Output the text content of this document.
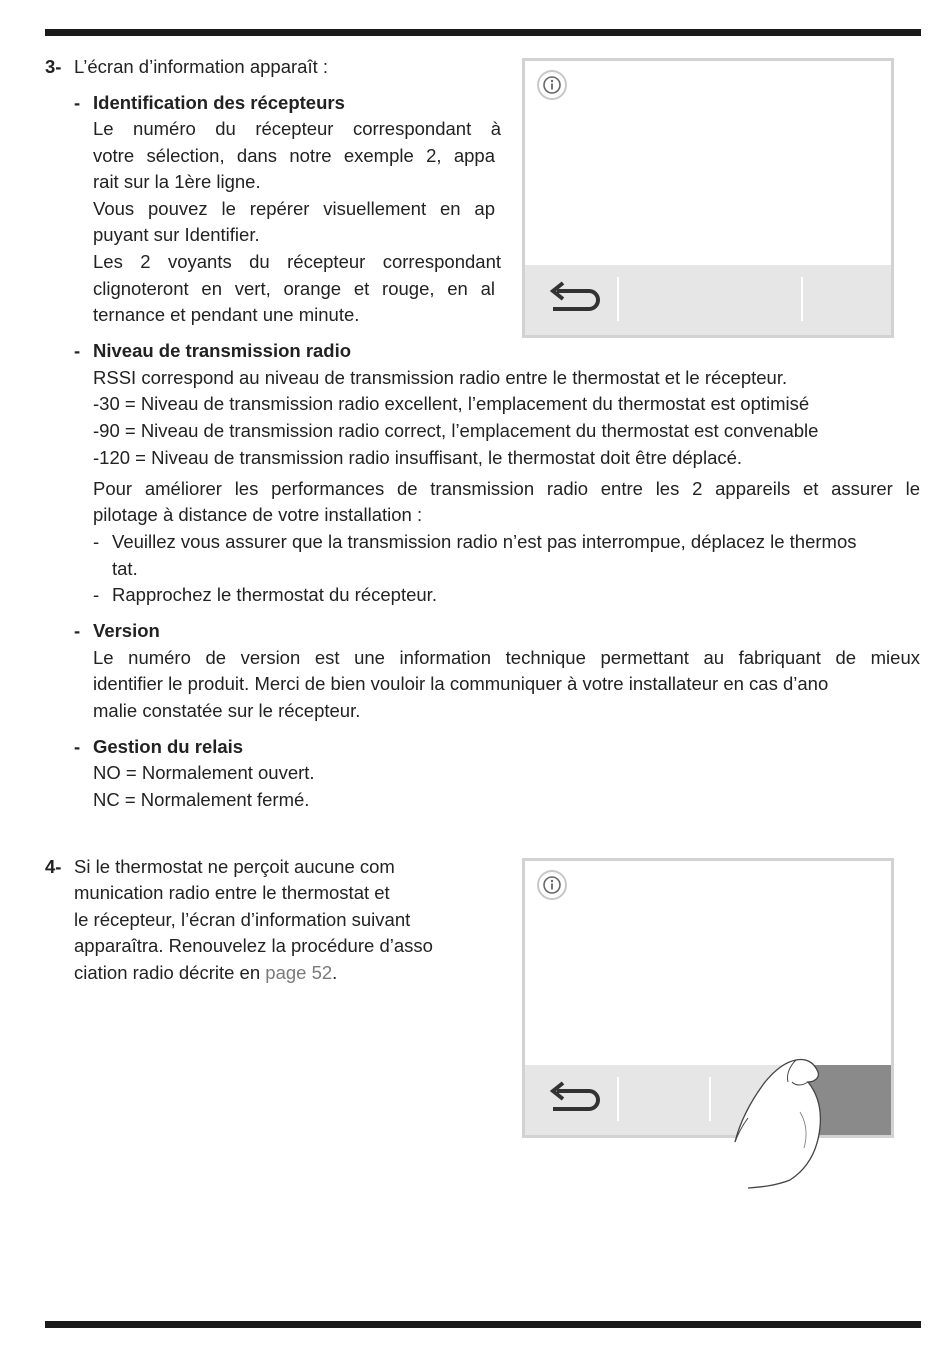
3- L’écran d’information apparaît :
- Identification des récepteurs
Le numéro du récepteur correspondant à
votre sélection, dans notre exemple 2, appa
rait sur la 1ère ligne.
Vous pouvez le repérer visuellement en ap
puyant sur Identifier.
Les 2 voyants du récepteur correspondant
clignoteront en vert, orange et rouge, en al
ternance et pendant une minute.
- Niveau de transmission radio
RSSI correspond au niveau de transmission radio entre le thermostat et le récepteur.
-30 = Niveau de transmission radio excellent, l’emplacement du thermostat est optimisé
-90 = Niveau de transmission radio correct, l’emplacement du thermostat est convenable
-120 = Niveau de transmission radio insuffisant, le thermostat doit être déplacé.
Pour améliorer les performances de transmission radio entre les 2 appareils et assurer le
pilotage à distance de votre installation :
- Veuillez vous assurer que la transmission radio n’est pas interrompue, déplacez le thermos
tat.
- Rapprochez le thermostat du récepteur.
- Version
Le numéro de version est une information technique permettant au fabriquant de mieux
identifier le produit. Merci de bien vouloir la communiquer à votre installateur en cas d’ano
malie constatée sur le récepteur.
- Gestion du relais
NO = Normalement ouvert.
NC = Normalement fermé.
4- Si le thermostat ne perçoit aucune com
munication radio entre le thermostat et
le récepteur, l’écran d’information suivant
apparaîtra. Renouvelez la procédure d’asso
ciation radio décrite en page 52.
